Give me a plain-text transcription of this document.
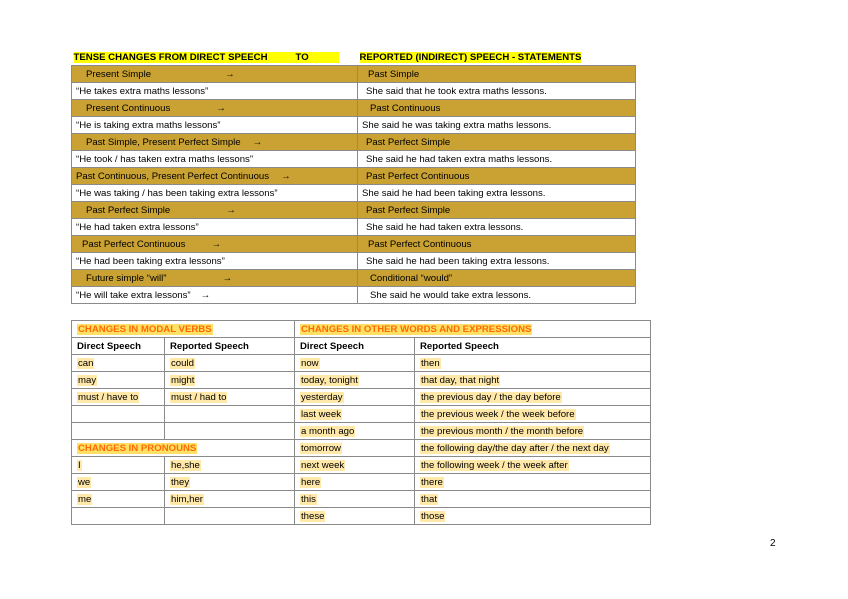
TENSE CHANGES FROM DIRECT SPEECH TO	REPORTED (INDIRECT) SPEECH - STATEMENTS
Present Simple →	Past Simple
“He takes extra maths lessons”	She said that he took extra maths lessons.
Present Continuous →	Past Continuous
“He is taking extra maths lessons”	She said he was taking extra maths lessons.
Past Simple, Present Perfect Simple →	Past Perfect Simple
“He took / has taken extra maths lessons”	She said he had taken extra maths lessons.
Past Continuous, Present Perfect Continuous →	Past Perfect Continuous
“He was taking / has been taking extra lessons”	She said he had been taking extra lessons.
Past Perfect Simple →	Past Perfect Simple
“He had taken extra lessons”	She said he had taken extra lessons.
Past Perfect Continuous →	Past Perfect Continuous
“He had been taking extra lessons”	She said he had been taking extra lessons.
Future simple “will” →	Conditional “would”
“He will take extra lessons” →	She said he would take extra lessons.
CHANGES IN MODAL VERBS		CHANGES IN OTHER WORDS AND EXPRESSIONS	
Direct Speech	Reported Speech	Direct Speech	Reported Speech
can	could	now	then
may	might	today, tonight	that day, that night
must / have to	must / had to	yesterday	the previous day / the day before
		last week	the previous week / the week before
		a month ago	the previous month / the month before
CHANGES IN PRONOUNS		tomorrow	the following day/the day after / the next day
I	he,she	next week	the following week / the week after
we	they	here	there
me	him,her	this	that
		these	those
2
